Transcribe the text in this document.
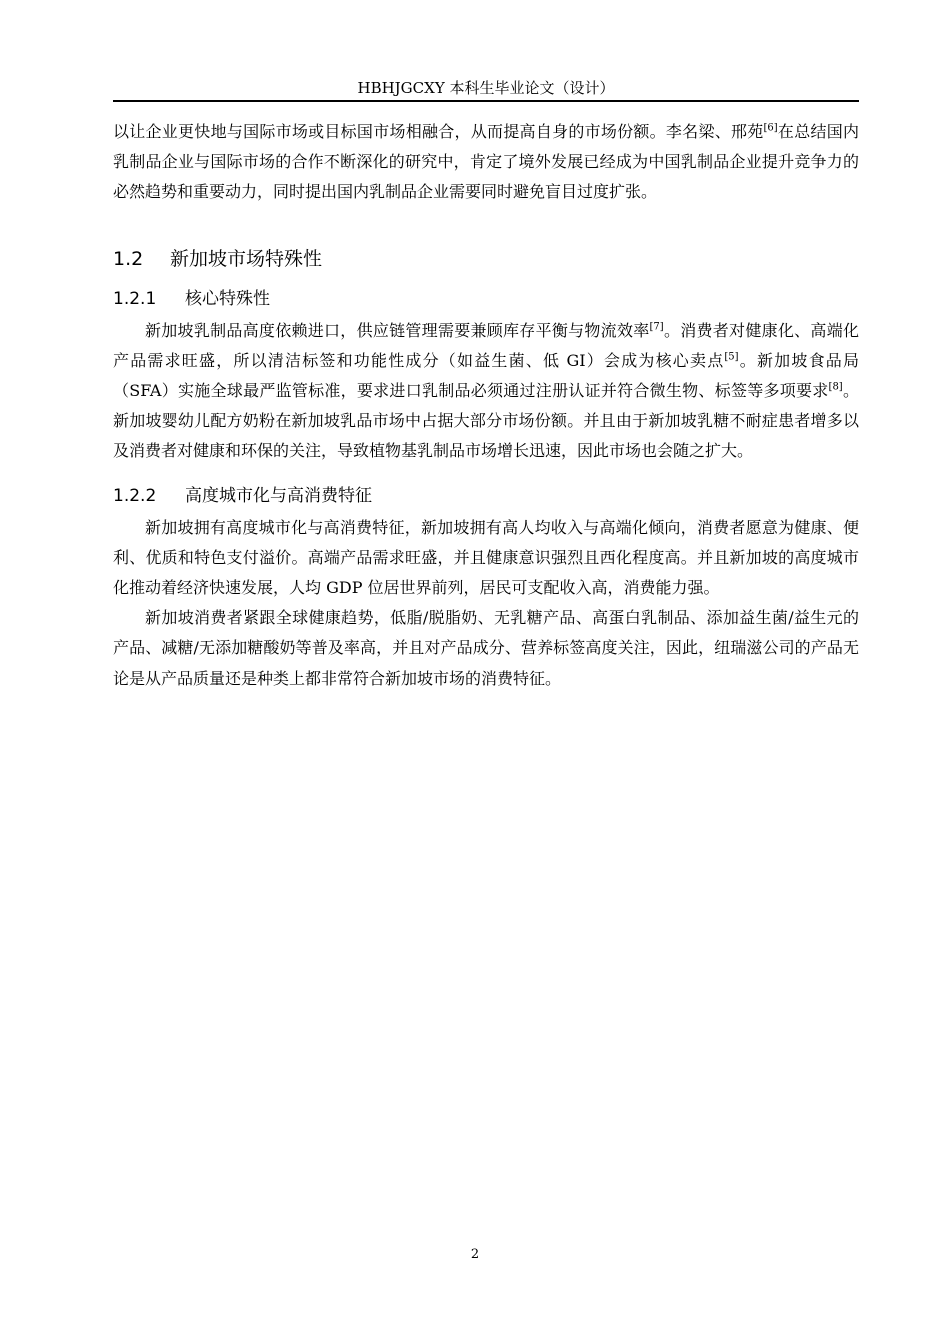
HBHJGCXY 本科生毕业论文（设计）

以让企业更快地与国际市场或目标国市场相融合，从而提高自身的市场份额。李名梁、邢苑[6]在总结国内乳制品企业与国际市场的合作不断深化的研究中，肯定了境外发展已经成为中国乳制品企业提升竞争力的必然趋势和重要动力，同时提出国内乳制品企业需要同时避免盲目过度扩张。

1.2 新加坡市场特殊性
1.2.1 核心特殊性

新加坡乳制品高度依赖进口，供应链管理需要兼顾库存平衡与物流效率[7]。消费者对健康化、高端化产品需求旺盛，所以清洁标签和功能性成分（如益生菌、低 GI）会成为核心卖点[5]。新加坡食品局（SFA）实施全球最严监管标准，要求进口乳制品必须通过注册认证并符合微生物、标签等多项要求[8]。新加坡婴幼儿配方奶粉在新加坡乳品市场中占据大部分市场份额。并且由于新加坡乳糖不耐症患者增多以及消费者对健康和环保的关注，导致植物基乳制品市场增长迅速，因此市场也会随之扩大。

1.2.2 高度城市化与高消费特征

新加坡拥有高度城市化与高消费特征，新加坡拥有高人均收入与高端化倾向，消费者愿意为健康、便利、优质和特色支付溢价。高端产品需求旺盛，并且健康意识强烈且西化程度高。并且新加坡的高度城市化推动着经济快速发展，人均 GDP 位居世界前列，居民可支配收入高，消费能力强。

新加坡消费者紧跟全球健康趋势，低脂/脱脂奶、无乳糖产品、高蛋白乳制品、添加益生菌/益生元的产品、减糖/无添加糖酸奶等普及率高，并且对产品成分、营养标签高度关注，因此，纽瑞滋公司的产品无论是从产品质量还是种类上都非常符合新加坡市场的消费特征。

2
